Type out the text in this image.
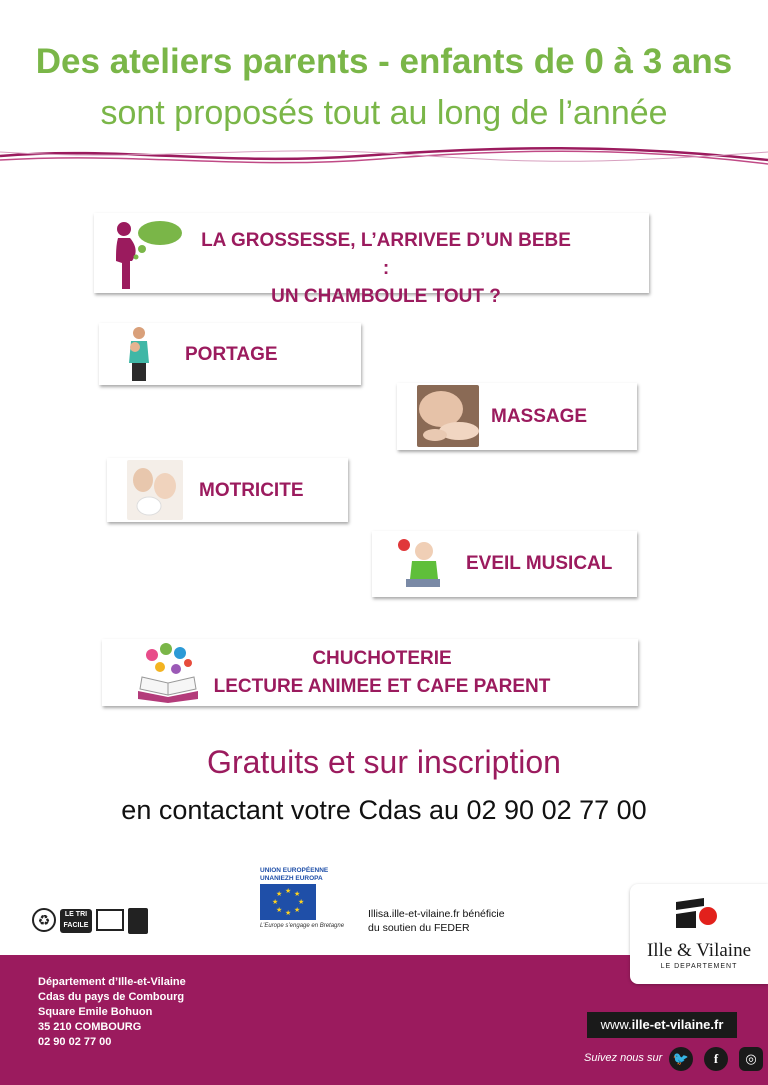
Des ateliers parents - enfants de 0 à 3 ans
sont proposés tout au long de l’année
LA GROSSESSE, L’ARRIVEE D’UN BEBE :
UN CHAMBOULE TOUT ?
PORTAGE
MASSAGE
MOTRICITE
EVEIL MUSICAL
CHUCHOTERIE
LECTURE ANIMEE ET CAFE PARENT
Gratuits et sur inscription
en contactant votre Cdas au 02 90 02 77 00
♻	LE TRI
FACILE
UNION EUROPÉENNE
UNANIEZH EUROPA
★ ★
★
★
★
★
★
★
L’Europe s’engage en Bretagne
Illisa.ille-et-vilaine.fr bénéficie
du soutien du FEDER
Département d’Ille-et-Vilaine
Cdas du pays de Combourg
Square Emile Bohuon
35 210 COMBOURG
02 90 02 77 00
Ille & Vilaine
LE DEPARTEMENT
www.ille-et-vilaine.fr
Suivez nous sur 🐦	f	◎
